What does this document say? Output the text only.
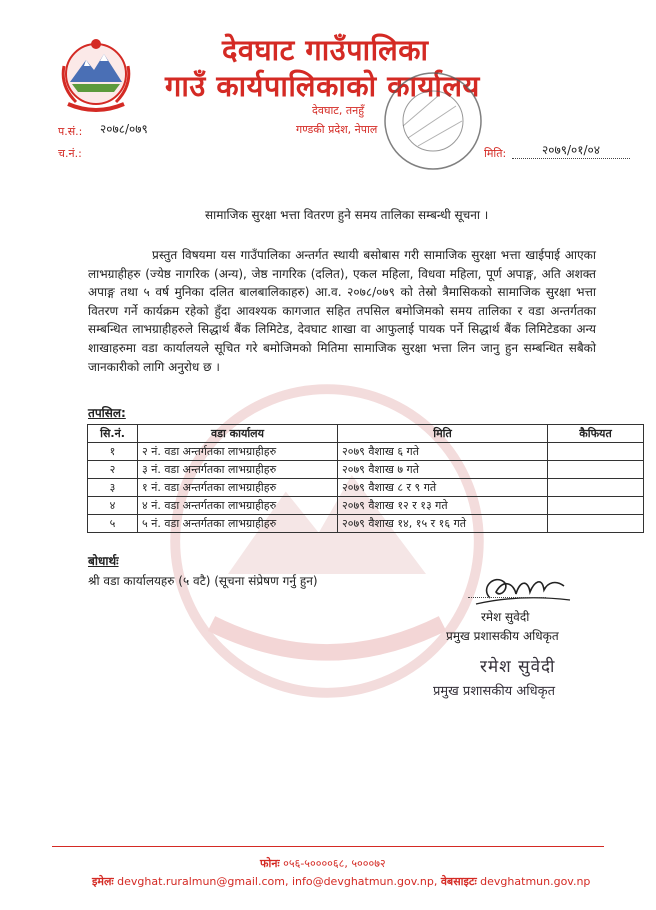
देवघाट गाउँपालिका
गाउँ कार्यपालिकाको कार्यालय
देवघाट, तनहुँ
गण्डकी प्रदेश, नेपाल
प.सं.: २०७८/०७९
च.नं.:	मिति:	२०७९/०१/०४
सामाजिक सुरक्षा भत्ता वितरण हुने समय तालिका सम्बन्धी सूचना ।

प्रस्तुत विषयमा यस गाउँपालिका अन्तर्गत स्थायी बसोबास गरी सामाजिक सुरक्षा भत्ता खाईपाई आएका लाभग्राहीहरु (ज्येष्ठ नागरिक (अन्य), जेष्ठ नागरिक (दलित), एकल महिला, विधवा महिला, पूर्ण अपाङ्ग, अति अशक्त अपाङ्ग तथा ५ वर्ष मुनिका दलित बालबालिकाहरु) आ.व. २०७८/०७९ को तेस्रो त्रैमासिकको सामाजिक सुरक्षा भत्ता वितरण गर्ने कार्यक्रम रहेको हुँदा आवश्यक कागजात सहित तपसिल बमोजिमको समय तालिका र वडा अन्तर्गतका सम्बन्धित लाभग्राहीहरुले सिद्धार्थ बैंक लिमिटेड, देवघाट शाखा वा आफुलाई पायक पर्ने सिद्धार्थ बैंक लिमिटेडका अन्य शाखाहरुमा वडा कार्यालयले सूचित गरे बमोजिमको मितिमा सामाजिक सुरक्षा भत्ता लिन जानु हुन सम्बन्धित सबैको जानकारीको लागि अनुरोध छ ।

तपसिल:
सि.नं.	वडा कार्यालय	मिति	कैफियत
१	२ नं. वडा अन्तर्गतका लाभग्राहीहरु	२०७९ वैशाख ६ गते	
२	३ नं. वडा अन्तर्गतका लाभग्राहीहरु	२०७९ वैशाख ७ गते	
३	१ नं. वडा अन्तर्गतका लाभग्राहीहरु	२०७९ वैशाख ८ र ९ गते	
४	४ नं. वडा अन्तर्गतका लाभग्राहीहरु	२०७९ वैशाख १२ र १३ गते	
५	५ नं. वडा अन्तर्गतका लाभग्राहीहरु	२०७९ वैशाख १४, १५ र १६ गते	
बोधार्थः
श्री वडा कार्यालयहरु (५ वटै) (सूचना संप्रेषण गर्नु हुन)
रमेश सुवेदी
प्रमुख प्रशासकीय अधिकृत
रमेश सुवेदी
प्रमुख प्रशासकीय अधिकृत
फोनः ०५६-५००००६८, ५०००७२
इमेलः devghat.ruralmun@gmail.com, info@devghatmun.gov.np, वेबसाइटः devghatmun.gov.np
